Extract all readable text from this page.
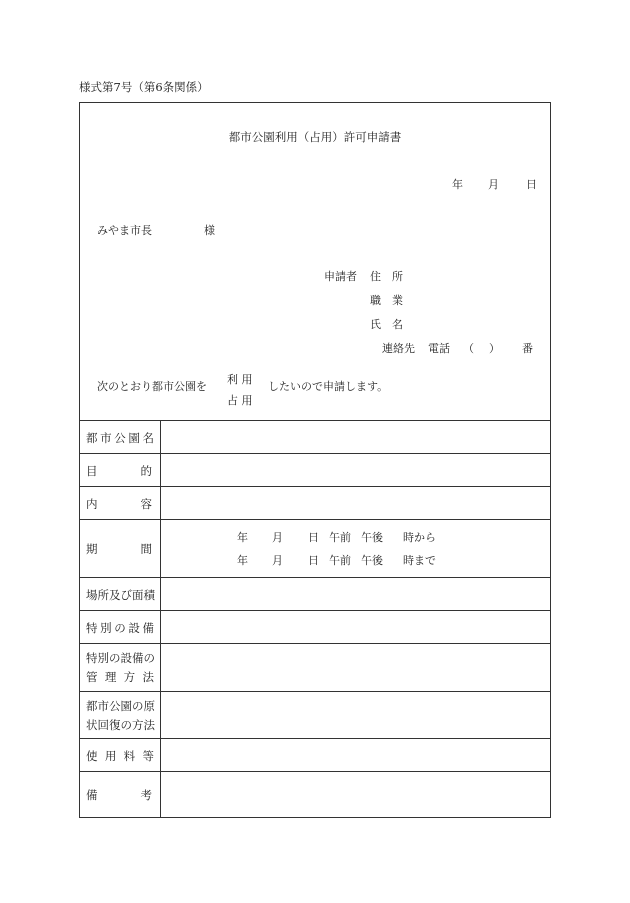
様式第7号（第6条関係）
都市公園利用（占用）許可申請書
年 月 日
みやま市長	様
申請者 住　所
職　業
氏　名
連絡先 電話 （ ） 番
次のとおり都市公園を
利 用
占 用
したいので申請します。
都 市 公 園 名
目	的
内	容
期	間
年 月 日 午前 午後 時から
年 月 日 午前 午後 時まで
場所及び面積
特 別 の 設 備
特別の設備の
管 理 方 法
都市公園の原
状回復の方法
使 用 料 等
備	考
